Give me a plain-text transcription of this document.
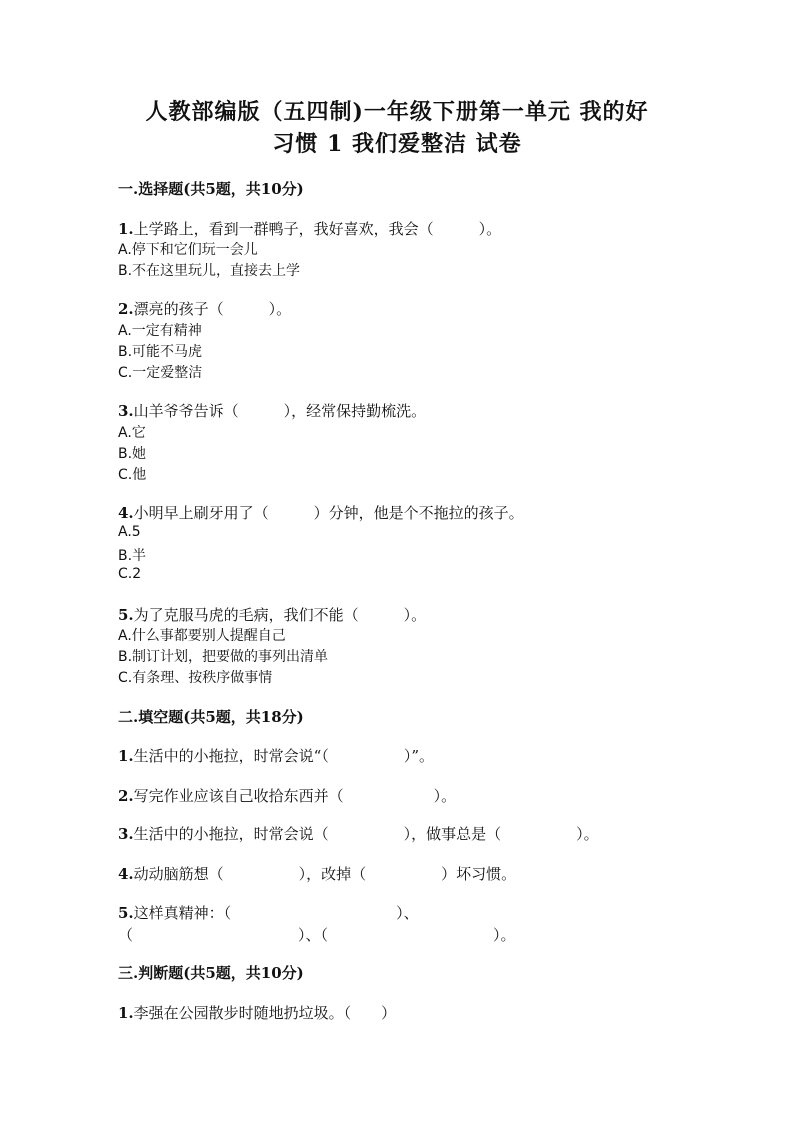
人教部编版（五四制)一年级下册第一单元 我的好
习惯 1 我们爱整洁 试卷
一.选择题(共5题，共10分)
1.上学路上，看到一群鸭子，我好喜欢，我会（　　　）。
A.停下和它们玩一会儿
B.不在这里玩儿，直接去上学
2.漂亮的孩子（　　　）。
A.一定有精神
B.可能不马虎
C.一定爱整洁
3.山羊爷爷告诉（　　　），经常保持勤梳洗。
A.它
B.她
C.他
4.小明早上刷牙用了（　　　）分钟，他是个不拖拉的孩子。
A.5
B.半
C.2
5.为了克服马虎的毛病，我们不能（　　　）。
A.什么事都要别人提醒自己
B.制订计划，把要做的事列出清单
C.有条理、按秩序做事情
二.填空题(共5题，共18分)
1.生活中的小拖拉，时常会说“（　　　　　）”。
2.写完作业应该自己收拾东西并（　　　　　　）。
3.生活中的小拖拉，时常会说（　　　　　），做事总是（　　　　　）。
4.动动脑筋想（　　　　　），改掉（　　　　　）坏习惯。
5.这样真精神：（　　　　　　　　　　　）、
（　　　　　　　　　　　）、（　　　　　　　　　　　）。
三.判断题(共5题，共10分)
1.李强在公园散步时随地扔垃圾。（　　）
